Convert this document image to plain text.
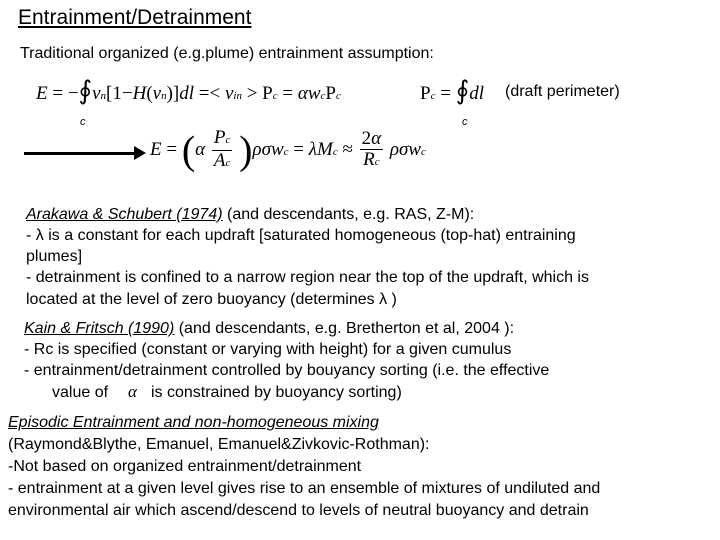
Entrainment/Detrainment
Traditional organized (e.g.plume) entrainment assumption:
E = −∮vn[1−H(vn)]dl =< vin > Pc = αwcPc
c
Pc = ∮dl
c
(draft perimeter)
$E = (\alpha \frac{Pc}{Ac} )\rho\sigma wc = \lambda Mc \approx \frac{2\alpha}{Rc}$ ρσwc
Arakawa & Schubert (1974) (and descendants, e.g. RAS, Z-M):
- λ is a constant for each updraft [saturated homogeneous (top-hat) entraining
plumes]
- detrainment is confined to a narrow region near the top of the updraft, which is
located at the level of zero buoyancy (determines λ )
Kain & Fritsch (1990) (and descendants, e.g. Bretherton et al, 2004 ):
- Rc is specified (constant or varying with height) for a given cumulus
- entrainment/detrainment controlled by bouyancy sorting (i.e. the effective
value of α is constrained by buoyancy sorting)
Episodic Entrainment and non-homogeneous mixing
(Raymond&Blythe, Emanuel, Emanuel&Zivkovic-Rothman):
-Not based on organized entrainment/detrainment
- entrainment at a given level gives rise to an ensemble of mixtures of undiluted and
environmental air which ascend/descend to levels of neutral buoyancy and detrain
